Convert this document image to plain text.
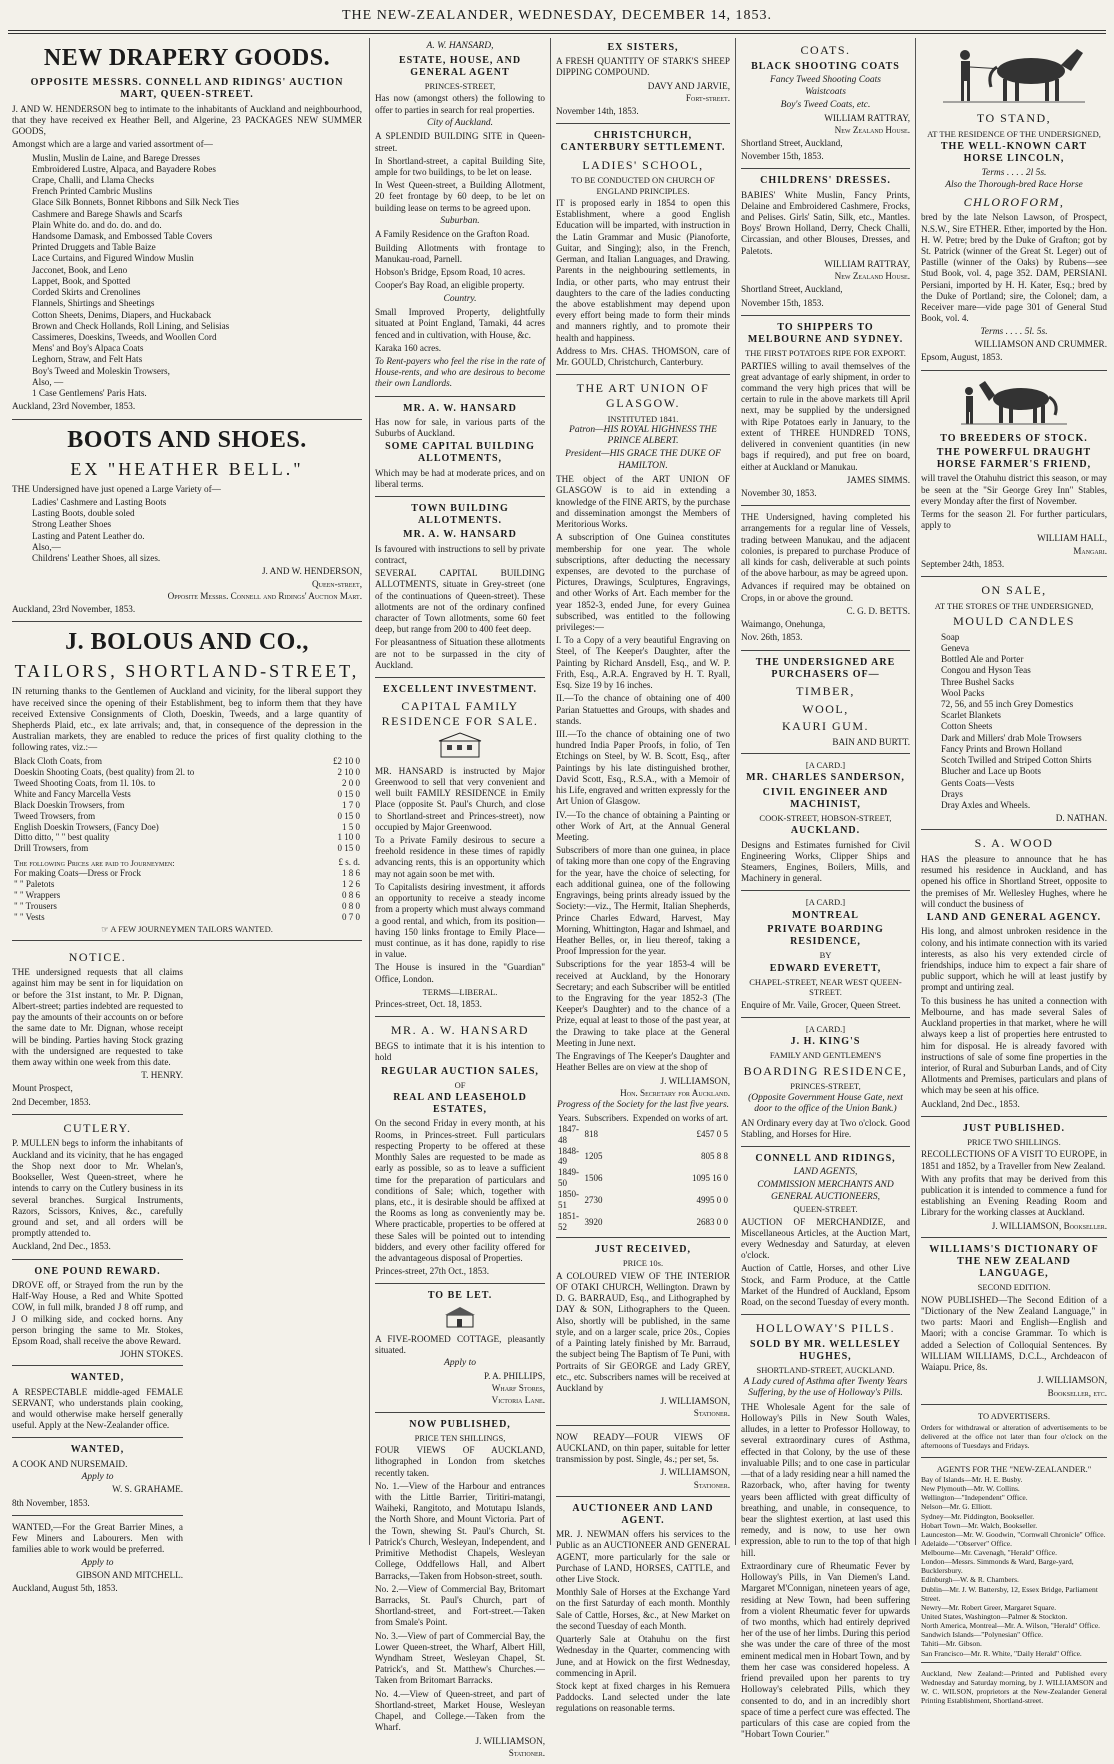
THE NEW-ZEALANDER, WEDNESDAY, DECEMBER 14, 1853.
NEW DRAPERY GOODS.
OPPOSITE MESSRS. CONNELL AND RIDINGS' AUCTION MART, QUEEN-STREET.

J. AND W. HENDERSON beg to intimate to the inhabitants of Auckland and neighbourhood, that they have received ex Heather Bell, and Algerine, 23 PACKAGES NEW SUMMER GOODS,

Amongst which are a large and varied assortment of—

Muslin, Muslin de Laine, and Barege Dresses
Embroidered Lustre, Alpaca, and Bayadere Robes
Crape, Challi, and Llama Checks
French Printed Cambric Muslins
Glace Silk Bonnets, Bonnet Ribbons and Silk Neck Ties
Cashmere and Barege Shawls and Scarfs
Plain White do. and do. do. and do.
Handsome Damask, and Embossed Table Covers
Printed Druggets and Table Baize
Lace Curtains, and Figured Window Muslin
Jacconet, Book, and Leno
Lappet, Book, and Spotted
Corded Skirts and Crenolines
Flannels, Shirtings and Sheetings
Cotton Sheets, Denims, Diapers, and Huckaback
Brown and Check Hollands, Roll Lining, and Selisias
Cassimeres, Doeskins, Tweeds, and Woollen Cord
Mens' and Boy's Alpaca Coats
Leghorn, Straw, and Felt Hats
Boy's Tweed and Moleskin Trowsers,
Also, —
1 Case Gentlemens' Paris Hats.

Auckland, 23rd November, 1853.

BOOTS AND SHOES.
EX "HEATHER BELL."

THE Undersigned have just opened a Large Variety of—

Ladies' Cashmere and Lasting Boots
Lasting Boots, double soled
Strong Leather Shoes
Lasting and Patent Leather do.
Also,—
Childrens' Leather Shoes, all sizes.
J. AND W. HENDERSON,
Queen-street,
Opposite Messrs. Connell and Ridings' Auction Mart.

Auckland, 23rd November, 1853.

J. BOLOUS AND CO.,
TAILORS, SHORTLAND-STREET,

IN returning thanks to the Gentlemen of Auckland and vicinity, for the liberal support they have received since the opening of their Establishment, beg to inform them that they have received Extensive Consignments of Cloth, Doeskin, Tweeds, and a large quantity of Shepherds Plaid, etc., ex late arrivals; and, that, in consequence of the depression in the Australian markets, they are enabled to reduce the prices of first quality clothing to the following rates, viz.:—

Black Cloth Coats, from	£2 10 0
Doeskin Shooting Coats, (best quality) from 2l. to	2 10 0
Tweed Shooting Coats, from 1l. 10s. to	2 0 0
White and Fancy Marcella Vests	0 15 0
Black Doeskin Trowsers, from	1 7 0
Tweed Trowsers, from	0 15 0
English Doeskin Trowsers, (Fancy Doe)	1 5 0
Ditto ditto, " " best quality	1 10 0
Drill Trowsers, from	0 15 0
The following Prices are paid to Journeymen:	£ s. d.
For making Coats—Dress or Frock	1 8 6
" " Paletots	1 2 6
" " Wrappers	0 8 6
" " Trousers	0 8 0
" " Vests	0 7 0
☞ A FEW JOURNEYMEN TAILORS WANTED.
NOTICE.

THE undersigned requests that all claims against him may be sent in for liquidation on or before the 31st instant, to Mr. P. Dignan, Albert-street; parties indebted are requested to pay the amounts of their accounts on or before the same date to Mr. Dignan, whose receipt will be binding. Parties having Stock grazing with the undersigned are requested to take them away within one week from this date.

T. HENRY.

Mount Prospect,

2nd December, 1853.

CUTLERY.

P. MULLEN begs to inform the inhabitants of Auckland and its vicinity, that he has engaged the Shop next door to Mr. Whelan's, Bookseller, West Queen-street, where he intends to carry on the Cutlery business in its several branches. Surgical Instruments, Razors, Scissors, Knives, &c., carefully ground and set, and all orders will be promptly attended to.

Auckland, 2nd Dec., 1853.

ONE POUND REWARD.

DROVE off, or Strayed from the run by the Half-Way House, a Red and White Spotted COW, in full milk, branded J 8 off rump, and J O milking side, and cocked horns. Any person bringing the same to Mr. Stokes, Epsom Road, shall receive the above Reward.

JOHN STOKES.
WANTED,

A RESPECTABLE middle-aged FEMALE SERVANT, who understands plain cooking, and would otherwise make herself generally useful. Apply at the New-Zealander office.

WANTED,

A COOK AND NURSEMAID.

Apply to
W. S. GRAHAME.

8th November, 1853.

WANTED,—For the Great Barrier Mines, a Few Miners and Labourers. Men with families able to work would be preferred.

Apply to
GIBSON AND MITCHELL.

Auckland, August 5th, 1853.

A. W. HANSARD,
ESTATE, HOUSE, AND GENERAL AGENT
PRINCES-STREET,

Has now (amongst others) the following to offer to parties in search for real properties.

City of Auckland.

A SPLENDID BUILDING SITE in Queen-street.

In Shortland-street, a capital Building Site, ample for two buildings, to be let on lease.

In West Queen-street, a Building Allotment, 20 feet frontage by 60 deep, to be let on building lease on terms to be agreed upon.

Suburban.

A Family Residence on the Grafton Road.

Building Allotments with frontage to Manukau-road, Parnell.

Hobson's Bridge, Epsom Road, 10 acres.

Cooper's Bay Road, an eligible property.

Country.

Small Improved Property, delightfully situated at Point England, Tamaki, 44 acres fenced and in cultivation, with House, &c.

Karaka 160 acres.

To Rent-payers who feel the rise in the rate of House-rents, and who are desirous to become their own Landlords.

MR. A. W. HANSARD

Has now for sale, in various parts of the Suburbs of Auckland.

SOME CAPITAL BUILDING ALLOTMENTS,

Which may be had at moderate prices, and on liberal terms.

TOWN BUILDING ALLOTMENTS.
MR. A. W. HANSARD

Is favoured with instructions to sell by private contract,

SEVERAL CAPITAL BUILDING ALLOTMENTS, situate in Grey-street (one of the continuations of Queen-street). These allotments are not of the ordinary confined character of Town allotments, some 60 feet deep, but range from 200 to 400 feet deep.

For pleasantness of Situation these allotments are not to be surpassed in the city of Auckland.

EXCELLENT INVESTMENT.
CAPITAL FAMILY RESIDENCE FOR SALE.

MR. HANSARD is instructed by Major Greenwood to sell that very convenient and well built FAMILY RESIDENCE in Emily Place (opposite St. Paul's Church, and close to Shortland-street and Princes-street), now occupied by Major Greenwood.

To a Private Family desirous to secure a freehold residence in these times of rapidly advancing rents, this is an opportunity which may not again soon be met with.

To Capitalists desiring investment, it affords an opportunity to receive a steady income from a property which must always command a good rental, and which, from its position—having 150 links frontage to Emily Place—must continue, as it has done, rapidly to rise in value.

The House is insured in the "Guardian" Office, London.

TERMS—LIBERAL.

Princes-street, Oct. 18, 1853.

MR. A. W. HANSARD

BEGS to intimate that it is his intention to hold

REGULAR AUCTION SALES,
OF
REAL AND LEASEHOLD ESTATES,

On the second Friday in every month, at his Rooms, in Princes-street. Full particulars respecting Property to be offered at these Monthly Sales are requested to be made as early as possible, so as to leave a sufficient time for the preparation of particulars and conditions of Sale; which, together with plans, etc., it is desirable should be affixed at the Rooms as long as conveniently may be. Where practicable, properties to be offered at these Sales will be pointed out to intending bidders, and every other facility offered for the advantageous disposal of Properties.

Princes-street, 27th Oct., 1853.

TO BE LET.

A FIVE-ROOMED COTTAGE, pleasantly situated.

Apply to
P. A. PHILLIPS,
Wharf Stores,
Victoria Lane.
NOW PUBLISHED,
PRICE TEN SHILLINGS,

FOUR VIEWS OF AUCKLAND, lithographed in London from sketches recently taken.

No. 1.—View of the Harbour and entrances with the Little Barrier, Tiritiri-matangi, Waiheki, Rangitoto, and Motutapu Islands, the North Shore, and Mount Victoria. Part of the Town, shewing St. Paul's Church, St. Patrick's Church, Wesleyan, Independent, and Primitive Methodist Chapels, Wesleyan College, Oddfellows Hall, and Albert Barracks,—Taken from Hobson-street, south.

No. 2.—View of Commercial Bay, Britomart Barracks, St. Paul's Church, part of Shortland-street, and Fort-street.—Taken from Smale's Point.

No. 3.—View of part of Commercial Bay, the Lower Queen-street, the Wharf, Albert Hill, Wyndham Street, Wesleyan Chapel, St. Patrick's, and St. Matthew's Churches.—Taken from Britomart Barracks.

No. 4.—View of Queen-street, and part of Shortland-street, Market House, Wesleyan Chapel, and College.—Taken from the Wharf.

J. WILLIAMSON,
Stationer.
EX SISTERS,

A FRESH QUANTITY OF STARK'S SHEEP DIPPING COMPOUND.

DAVY AND JARVIE,
Fort-street.

November 14th, 1853.

CHRISTCHURCH, CANTERBURY SETTLEMENT.
LADIES' SCHOOL,
TO BE CONDUCTED ON CHURCH OF ENGLAND PRINCIPLES.

IT is proposed early in 1854 to open this Establishment, where a good English Education will be imparted, with instruction in the Latin Grammar and Music (Pianoforte, Guitar, and Singing); also, in the French, German, and Italian Languages, and Drawing. Parents in the neighbouring settlements, in India, or other parts, who may entrust their daughters to the care of the ladies conducting the above establishment may depend upon every effort being made to form their minds and manners rightly, and to promote their health and happiness.

Address to Mrs. CHAS. THOMSON, care of Mr. GOULD, Christchurch, Canterbury.

THE ART UNION OF GLASGOW.
INSTITUTED 1841.
Patron—HIS ROYAL HIGHNESS THE PRINCE ALBERT.
President—HIS GRACE THE DUKE OF HAMILTON.

THE object of the ART UNION OF GLASGOW is to aid in extending a knowledge of the FINE ARTS, by the purchase and dissemination amongst the Members of Meritorious Works.

A subscription of One Guinea constitutes membership for one year. The whole subscriptions, after deducting the necessary expenses, are devoted to the purchase of Pictures, Drawings, Sculptures, Engravings, and other Works of Art. Each member for the year 1852-3, ended June, for every Guinea subscribed, was entitled to the following privileges:—

I. To a Copy of a very beautiful Engraving on Steel, of The Keeper's Daughter, after the Painting by Richard Ansdell, Esq., and W. P. Frith, Esq., A.R.A. Engraved by H. T. Ryall, Esq. Size 19 by 16 inches.

II.—To the chance of obtaining one of 400 Parian Statuettes and Groups, with shades and stands.

III.—To the chance of obtaining one of two hundred India Paper Proofs, in folio, of Ten Etchings on Steel, by W. B. Scott, Esq., after Paintings by his late distinguished brother, David Scott, Esq., R.S.A., with a Memoir of his Life, engraved and written expressly for the Art Union of Glasgow.

IV.—To the chance of obtaining a Painting or other Work of Art, at the Annual General Meeting.

Subscribers of more than one guinea, in place of taking more than one copy of the Engraving for the year, have the choice of selecting, for each additional guinea, one of the following Engravings, being prints already issued by the Society:—viz., The Hermit, Italian Shepherds, Prince Charles Edward, Harvest, May Morning, Whittington, Hagar and Ishmael, and Heather Belles, or, in lieu thereof, taking a Proof Impression for the year.

Subscriptions for the year 1853-4 will be received at Auckland, by the Honorary Secretary; and each Subscriber will be entitled to the Engraving for the year 1852-3 (The Keeper's Daughter) and to the chance of a Prize, equal at least to those of the past year, at the Drawing to take place at the General Meeting in June next.

The Engravings of The Keeper's Daughter and Heather Belles are on view at the shop of

J. WILLIAMSON,
Hon. Secretary for Auckland.
Progress of the Society for the last five years.
Years.	Subscribers.	Expended on works of art.
1847-48	818	£457 0 5
1848-49	1205	805 8 8
1849-50	1506	1095 16 0
1850-51	2730	4995 0 0
1851-52	3920	2683 0 0
JUST RECEIVED,
PRICE 10s.

A COLOURED VIEW OF THE INTERIOR OF OTAKI CHURCH, Wellington. Drawn by D. G. BARRAUD, Esq., and Lithographed by DAY & SON, Lithographers to the Queen. Also, shortly will be published, in the same style, and on a larger scale, price 20s., Copies of a Painting lately finished by Mr. Barraud, the subject being The Baptism of Te Puni, with Portraits of Sir GEORGE and Lady GREY, etc., etc. Subscribers names will be received at Auckland by

J. WILLIAMSON,
Stationer.

NOW READY—FOUR VIEWS OF AUCKLAND, on thin paper, suitable for letter transmission by post. Single, 4s.; per set, 5s.

J. WILLIAMSON,
Stationer.
AUCTIONEER AND LAND AGENT.

MR. J. NEWMAN offers his services to the Public as an AUCTIONEER AND GENERAL AGENT, more particularly for the sale or Purchase of LAND, HORSES, CATTLE, and other Live Stock.

Monthly Sale of Horses at the Exchange Yard on the first Saturday of each month. Monthly Sale of Cattle, Horses, &c., at New Market on the second Tuesday of each Month.

Quarterly Sale at Otahuhu on the first Wednesday in the Quarter, commencing with June, and at Howick on the first Wednesday, commencing in April.

Stock kept at fixed charges in his Remuera Paddocks. Land selected under the late regulations on reasonable terms.

COATS.
BLACK SHOOTING COATS
Fancy Tweed Shooting Coats
Waistcoats
Boy's Tweed Coats, etc.
WILLIAM RATTRAY,
New Zealand House.

Shortland Street, Auckland,

November 15th, 1853.

CHILDRENS' DRESSES.

BABIES' White Muslin, Fancy Prints, Delaine and Embroidered Cashmere, Frocks, and Pelises. Girls' Satin, Silk, etc., Mantles. Boys' Brown Holland, Derry, Check Challi, Circassian, and other Blouses, Dresses, and Paletots.

WILLIAM RATTRAY,
New Zealand House.

Shortland Street, Auckland,

November 15th, 1853.

TO SHIPPERS TO MELBOURNE AND SYDNEY.
THE FIRST POTATOES RIPE FOR EXPORT.

PARTIES willing to avail themselves of the great advantage of early shipment, in order to command the very high prices that will be certain to rule in the above markets till April next, may be supplied by the undersigned with Ripe Potatoes early in January, to the extent of THREE HUNDRED TONS, delivered in convenient quantities (in new bags if required), and put free on board, either at Auckland or Manukau.

JAMES SIMMS.

November 30, 1853.

THE Undersigned, having completed his arrangements for a regular line of Vessels, trading between Manukau, and the adjacent colonies, is prepared to purchase Produce of all kinds for cash, deliverable at such points of the above harbour, as may be agreed upon.

Advances if required may be obtained on Crops, in or above the ground.

C. G. D. BETTS.

Waimango, Onehunga,

Nov. 26th, 1853.

THE UNDERSIGNED ARE PURCHASERS OF—
TIMBER,
WOOL,
KAURI GUM.
BAIN AND BURTT.
[A CARD.]
MR. CHARLES SANDERSON,
CIVIL ENGINEER AND MACHINIST,
COOK-STREET, HOBSON-STREET,
AUCKLAND.

Designs and Estimates furnished for Civil Engineering Works, Clipper Ships and Steamers, Engines, Boilers, Mills, and Machinery in general.

[A CARD.]
MONTREAL
PRIVATE BOARDING RESIDENCE,
BY
EDWARD EVERETT,
CHAPEL-STREET, NEAR WEST QUEEN-STREET.

Enquire of Mr. Vaile, Grocer, Queen Street.

[A CARD.]
J. H. KING'S
FAMILY AND GENTLEMEN'S
BOARDING RESIDENCE,
PRINCES-STREET,
(Opposite Government House Gate, next door to the office of the Union Bank.)

AN Ordinary every day at Two o'clock. Good Stabling, and Horses for Hire.

CONNELL AND RIDINGS,
LAND AGENTS,
COMMISSION MERCHANTS AND GENERAL AUCTIONEERS,
QUEEN-STREET.

AUCTION OF MERCHANDIZE, and Miscellaneous Articles, at the Auction Mart, every Wednesday and Saturday, at eleven o'clock.

Auction of Cattle, Horses, and other Live Stock, and Farm Produce, at the Cattle Market of the Hundred of Auckland, Epsom Road, on the second Tuesday of every month.

HOLLOWAY'S PILLS.
SOLD BY MR. WELLESLEY HUGHES,
SHORTLAND-STREET, AUCKLAND.
A Lady cured of Asthma after Twenty Years Suffering, by the use of Holloway's Pills.

THE Wholesale Agent for the sale of Holloway's Pills in New South Wales, alludes, in a letter to Professor Holloway, to several extraordinary cures of Asthma, effected in that Colony, by the use of these invaluable Pills; and to one case in particular—that of a lady residing near a hill named the Razorback, who, after having for twenty years been afflicted with great difficulty of breathing, and unable, in consequence, to bear the slightest exertion, at last used this remedy, and is now, to use her own expression, able to run to the top of that high hill.

Extraordinary cure of Rheumatic Fever by Holloway's Pills, in Van Diemen's Land. Margaret M'Connigan, nineteen years of age, residing at New Town, had been suffering from a violent Rheumatic fever for upwards of two months, which had entirely deprived her of the use of her limbs. During this period she was under the care of three of the most eminent medical men in Hobart Town, and by them her case was considered hopeless. A friend prevailed upon her parents to try Holloway's celebrated Pills, which they consented to do, and in an incredibly short space of time a perfect cure was effected. The particulars of this case are copied from the "Hobart Town Courier."

TO STAND,
AT THE RESIDENCE OF THE UNDERSIGNED,
THE WELL-KNOWN CART HORSE LINCOLN,
Terms . . . . 2l 5s.
Also the Thorough-bred Race Horse
CHLOROFORM,

bred by the late Nelson Lawson, of Prospect, N.S.W., Sire ETHER. Ether, imported by the Hon. H. W. Petre; bred by the Duke of Grafton; got by St. Patrick (winner of the Great St. Leger) out of Pastille (winner of the Oaks) by Rubens—see Stud Book, vol. 4, page 352. DAM, PERSIANI. Persiani, imported by H. H. Kater, Esq.; bred by the Duke of Portland; sire, the Colonel; dam, a Receiver mare—vide page 301 of General Stud Book, vol. 4.

Terms . . . . 5l. 5s.
WILLIAMSON AND CRUMMER.

Epsom, August, 1853.

TO BREEDERS OF STOCK.
THE POWERFUL DRAUGHT HORSE FARMER'S FRIEND,

will travel the Otahuhu district this season, or may be seen at the "Sir George Grey Inn" Stables, every Monday after the first of November.

Terms for the season 2l. For further particulars, apply to

WILLIAM HALL,
Mangari.

September 24th, 1853.

ON SALE,
AT THE STORES OF THE UNDERSIGNED,
MOULD CANDLES
Soap
Geneva
Bottled Ale and Porter
Congou and Hyson Teas
Three Bushel Sacks
Wool Packs
72, 56, and 55 inch Grey Domestics
Scarlet Blankets
Cotton Sheets
Dark and Millers' drab Mole Trowsers
Fancy Prints and Brown Holland
Scotch Twilled and Striped Cotton Shirts
Blucher and Lace up Boots
Gents Coats—Vests
Drays
Dray Axles and Wheels.
D. NATHAN.
S. A. WOOD

HAS the pleasure to announce that he has resumed his residence in Auckland, and has opened his office in Shortland Street, opposite to the premises of Mr. Wellesley Hughes, where he will conduct the business of

LAND AND GENERAL AGENCY.

His long, and almost unbroken residence in the colony, and his intimate connection with its varied interests, as also his very extended circle of friendships, induce him to expect a fair share of public support, which he will at least justify by prompt and untiring zeal.

To this business he has united a connection with Melbourne, and has made several Sales of Auckland properties in that market, where he will always keep a list of properties here entrusted to him for disposal. He is already favored with instructions of sale of some fine properties in the interior, of Rural and Suburban Lands, and of City Allotments and Premises, particulars and plans of which may be seen at his office.

Auckland, 2nd Dec., 1853.

JUST PUBLISHED.
PRICE TWO SHILLINGS.

RECOLLECTIONS OF A VISIT TO EUROPE, in 1851 and 1852, by a Traveller from New Zealand.

With any profits that may be derived from this publication it is intended to commence a fund for establishing an Evening Reading Room and Library for the working classes at Auckland.

J. WILLIAMSON, Bookseller.
WILLIAMS'S DICTIONARY OF THE NEW ZEALAND LANGUAGE,
SECOND EDITION.

NOW PUBLISHED—The Second Edition of a "Dictionary of the New Zealand Language," in two parts: Maori and English—English and Maori; with a concise Grammar. To which is added a Selection of Colloquial Sentences. By WILLIAM WILLIAMS, D.C.L., Archdeacon of Waiapu. Price, 8s.

J. WILLIAMSON,
Bookseller, etc.
TO ADVERTISERS.

Orders for withdrawal or alteration of advertisements to be delivered at the office not later than four o'clock on the afternoons of Tuesdays and Fridays.

AGENTS FOR THE "NEW-ZEALANDER."
Bay of Islands—Mr. H. E. Busby.
New Plymouth—Mr. W. Collins.
Wellington—"Independent" Office.
Nelson—Mr. G. Elliott.
Sydney—Mr. Piddington, Bookseller.
Hobart Town—Mr. Walch, Bookseller.
Launceston—Mr. W. Goodwin, "Cornwall Chronicle" Office.
Adelaide—"Observer" Office.
Melbourne—Mr. Cavenagh, "Herald" Office.
London—Messrs. Simmonds & Ward, Barge-yard, Bucklersbury.
Edinburgh—W. & R. Chambers.
Dublin—Mr. J. W. Battersby, 12, Essex Bridge, Parliament Street.
Newry—Mr. Robert Greer, Margaret Square.
United States, Washington—Palmer & Stockton.
North America, Montreal—Mr. A. Wilson, "Herald" Office.
Sandwich Islands—"Polynesian" Office.
Tahiti—Mr. Gibson.
San Francisco—Mr. R. White, "Daily Herald" Office.

Auckland, New Zealand:—Printed and Published every Wednesday and Saturday morning, by J. WILLIAMSON and W. C. WILSON, proprietors at the New-Zealander General Printing Establishment, Shortland-street.
